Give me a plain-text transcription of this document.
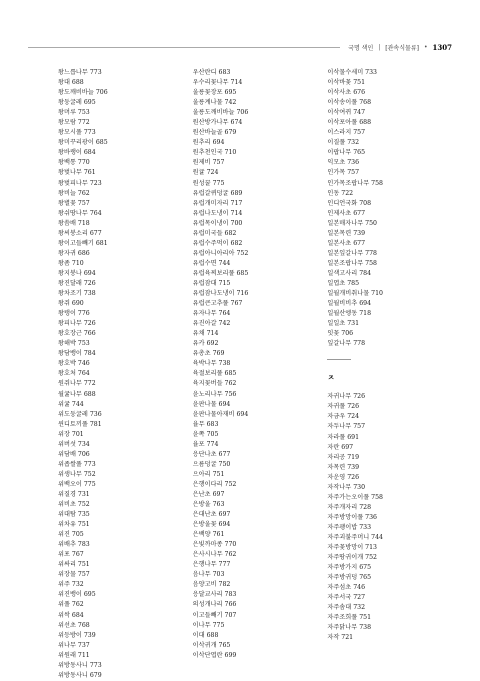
국명 색인 | [관속식물류] • 1307
왕느릅나무 773
왕대 688
왕도깨비바늘 706
왕둥굴레 695
왕머루 753
왕모람 772
왕모시풀 773
왕미꾸리광이 685
왕바랭이 684
왕백통 770
왕벚나무 761
왕벚피나무 723
왕비늘 762
왕별꽃 757
왕쉬땅나무 764
왕씀배 718
왕씨붕소리 677
왕이고들빼기 681
왕자귀 686
왕좀 710
왕지붕나 694
왕진달래 726
왕차조기 738
왕쥐 690
왕탱이 776
왕피나무 726
왕호장근 766
왕해박 753
왕담뱅이 784
왕호박 746
왕호처 764
원쥐나무 772
월귤나무 688
위귤 744
위도둥굴레 736
윈디토끼풀 781
위장 701
위버섯 734
위담배 706
위좁쌀풀 773
위생나무 752
위백오이 775
위질경 731
위비초 752
위대탐 735
위차유 751
위진 705
위배추 783
위포 767
위싸리 751
위장물 757
위주 732
위진뱅이 695
위풀 762
위싹 684
위선초 768
위등방이 739
위나무 737
위원래 711
위방동사니 773
위방동사니 679
우산란디 683
우수리꽃나무 714
울릉꽃장포 695
울릉계나물 742
울릉도깨비바늘 706
원산방가나무 674
원산바늘골 679
원추리 694
원추천인국 710
원제비 757
원귤 724
원성꿀 775
유럽갈퀴덩굴 689
유럽개미자리 717
유럽나도냉이 714
유럽목이냉이 700
유럽미국들 682
유럽수주먹이 682
유럽아니아리아 752
유럽수면 744
유럽육찌보리풀 685
유럽잠대 715
유럽잠나도냉이 716
유럽큰고추풀 767
유자나무 764
유진아갈 742
유채 714
유카 692
유총초 769
육박나무 738
육절보리풀 685
육지꽃버들 762
윤노리나무 756
윤판나물 694
윤판나물아재비 694
율무 683
윤쪽 705
율포 774
응단나초 677
으름덩굴 750
으아리 751
은행이다리 752
은난초 697
은방울 763
은대난초 697
은방울꽃 694
은백양 761
은빛까마종 770
은사시나무 762
은행나무 777
음나무 703
음양고비 782
응달교사리 783
의성개나리 766
이고들빼기 707
이나무 775
이대 688
이삭귀개 765
이삭단엽란 699
이삭물수세미 733
이삭바꽃 751
이삭사초 676
이삭송이풀 768
이삭여뀌 747
이삭포아풀 688
이스라지 757
이질풀 732
이팝나무 765
익모초 736
인가목 757
인가목조팝나무 758
인동 722
인디언국화 708
인제사초 677
일본매자나무 750
일본목련 739
일본사초 677
일본잎갈나무 778
일본조팝나무 758
일색고사리 784
일엽초 785
일월개비취나물 710
일월비비추 694
일월산엥동 718
일일초 731
잇꽃 706
잎갈나무 778
ㅈ
자귀나무 726
자귀풀 726
자금우 724
자두나무 757
자라풀 691
자란 697
자리공 719
자목련 739
자운영 726
자작나무 730
자주가는오이풀 758
자주개자리 728
자주방망이풀 736
자주괭이밥 733
자주괴불주머니 744
자주꽃방망이 713
자주땅귀이개 752
자주방가지 675
자주방귀덩 765
자주섬초 746
자주서국 727
자주솜대 732
자주조희풀 751
자주닭나무 738
자작 721
